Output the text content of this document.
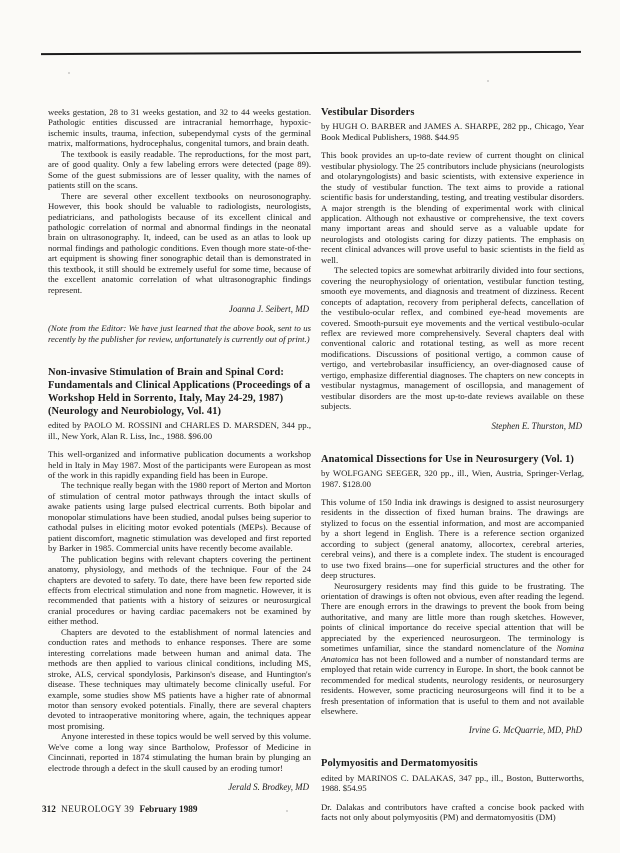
weeks gestation, 28 to 31 weeks gestation, and 32 to 44 weeks gestation. Pathologic entities discussed are intracranial hemorrhage, hypoxic-ischemic insults, trauma, infection, subependymal cysts of the germinal matrix, malformations, hydrocephalus, congenital tumors, and brain death.

The textbook is easily readable. The reproductions, for the most part, are of good quality. Only a few labeling errors were detected (page 89). Some of the guest submissions are of lesser quality, with the names of patients still on the scans.

There are several other excellent textbooks on neurosonography. However, this book should be valuable to radiologists, neurologists, pediatricians, and pathologists because of its excellent clinical and pathologic correlation of normal and abnormal findings in the neonatal brain on ultrasonography. It, indeed, can be used as an atlas to look up normal findings and pathologic conditions. Even though more state-of-the-art equipment is showing finer sonographic detail than is demonstrated in this textbook, it still should be extremely useful for some time, because of the excellent anatomic correlation of what ultrasonographic findings represent.

Joanna J. Seibert, MD

(Note from the Editor: We have just learned that the above book, sent to us recently by the publisher for review, unfortunately is currently out of print.)

Non-invasive Stimulation of Brain and Spinal Cord: Fundamentals and Clinical Applications (Proceedings of a Workshop Held in Sorrento, Italy, May 24-29, 1987) (Neurology and Neurobiology, Vol. 41)

edited by PAOLO M. ROSSINI and CHARLES D. MARSDEN, 344 pp., ill., New York, Alan R. Liss, Inc., 1988. $96.00

This well-organized and informative publication documents a workshop held in Italy in May 1987. Most of the participants were European as most of the work in this rapidly expanding field has been in Europe.

The technique really began with the 1980 report of Merton and Morton of stimulation of central motor pathways through the intact skulls of awake patients using large pulsed electrical currents. Both bipolar and monopolar stimulations have been studied, anodal pulses being superior to cathodal pulses in eliciting motor evoked potentials (MEPs). Because of patient discomfort, magnetic stimulation was developed and first reported by Barker in 1985. Commercial units have recently become available.

The publication begins with relevant chapters covering the pertinent anatomy, physiology, and methods of the technique. Four of the 24 chapters are devoted to safety. To date, there have been few reported side effects from electrical stimulation and none from magnetic. However, it is recommended that patients with a history of seizures or neurosurgical cranial procedures or having cardiac pacemakers not be examined by either method.

Chapters are devoted to the establishment of normal latencies and conduction rates and methods to enhance responses. There are some interesting correlations made between human and animal data. The methods are then applied to various clinical conditions, including MS, stroke, ALS, cervical spondylosis, Parkinson's disease, and Huntington's disease. These techniques may ultimately become clinically useful. For example, some studies show MS patients have a higher rate of abnormal motor than sensory evoked potentials. Finally, there are several chapters devoted to intraoperative monitoring where, again, the techniques appear most promising.

Anyone interested in these topics would be well served by this volume. We've come a long way since Bartholow, Professor of Medicine in Cincinnati, reported in 1874 stimulating the human brain by plunging an electrode through a defect in the skull caused by an eroding tumor!

Jerald S. Brodkey, MD

Vestibular Disorders

by HUGH O. BARBER and JAMES A. SHARPE, 282 pp., Chicago, Year Book Medical Publishers, 1988. $44.95

This book provides an up-to-date review of current thought on clinical vestibular physiology. The 25 contributors include physicians (neurologists and otolaryngologists) and basic scientists, with extensive experience in the study of vestibular function. The text aims to provide a rational scientific basis for understanding, testing, and treating vestibular disorders. A major strength is the blending of experimental work with clinical application. Although not exhaustive or comprehensive, the text covers many important areas and should serve as a valuable update for neurologists and otologists caring for dizzy patients. The emphasis on recent clinical advances will prove useful to basic scientists in the field as well.

The selected topics are somewhat arbitrarily divided into four sections, covering the neurophysiology of orientation, vestibular function testing, smooth eye movements, and diagnosis and treatment of dizziness. Recent concepts of adaptation, recovery from peripheral defects, cancellation of the vestibulo-ocular reflex, and combined eye-head movements are covered. Smooth-pursuit eye movements and the vertical vestibulo-ocular reflex are reviewed more comprehensively. Several chapters deal with conventional caloric and rotational testing, as well as more recent modifications. Discussions of positional vertigo, a common cause of vertigo, and vertebrobasilar insufficiency, an over-diagnosed cause of vertigo, emphasize differential diagnoses. The chapters on new concepts in vestibular nystagmus, management of oscillopsia, and management of vestibular disorders are the most up-to-date reviews available on these subjects.

Stephen E. Thurston, MD

Anatomical Dissections for Use in Neurosurgery (Vol. 1)

by WOLFGANG SEEGER, 320 pp., ill., Wien, Austria, Springer-Verlag, 1987. $128.00

This volume of 150 India ink drawings is designed to assist neurosurgery residents in the dissection of fixed human brains. The drawings are stylized to focus on the essential information, and most are accompanied by a short legend in English. There is a reference section organized according to subject (general anatomy, allocortex, cerebral arteries, cerebral veins), and there is a complete index. The student is encouraged to use two fixed brains—one for superficial structures and the other for deep structures.

Neurosurgery residents may find this guide to be frustrating. The orientation of drawings is often not obvious, even after reading the legend. There are enough errors in the drawings to prevent the book from being authoritative, and many are little more than rough sketches. However, points of clinical importance do receive special attention that will be appreciated by the experienced neurosurgeon. The terminology is sometimes unfamiliar, since the standard nomenclature of the Nomina Anatomica has not been followed and a number of nonstandard terms are employed that retain wide currency in Europe. In short, the book cannot be recommended for medical students, neurology residents, or neurosurgery residents. However, some practicing neurosurgeons will find it to be a fresh presentation of information that is useful to them and not available elsewhere.

Irvine G. McQuarrie, MD, PhD

Polymyositis and Dermatomyositis

edited by MARINOS C. DALAKAS, 347 pp., ill., Boston, Butterworths, 1988. $54.95

Dr. Dalakas and contributors have crafted a concise book packed with facts not only about polymyositis (PM) and dermatomyositis (DM)

312 NEUROLOGY 39 February 1989
